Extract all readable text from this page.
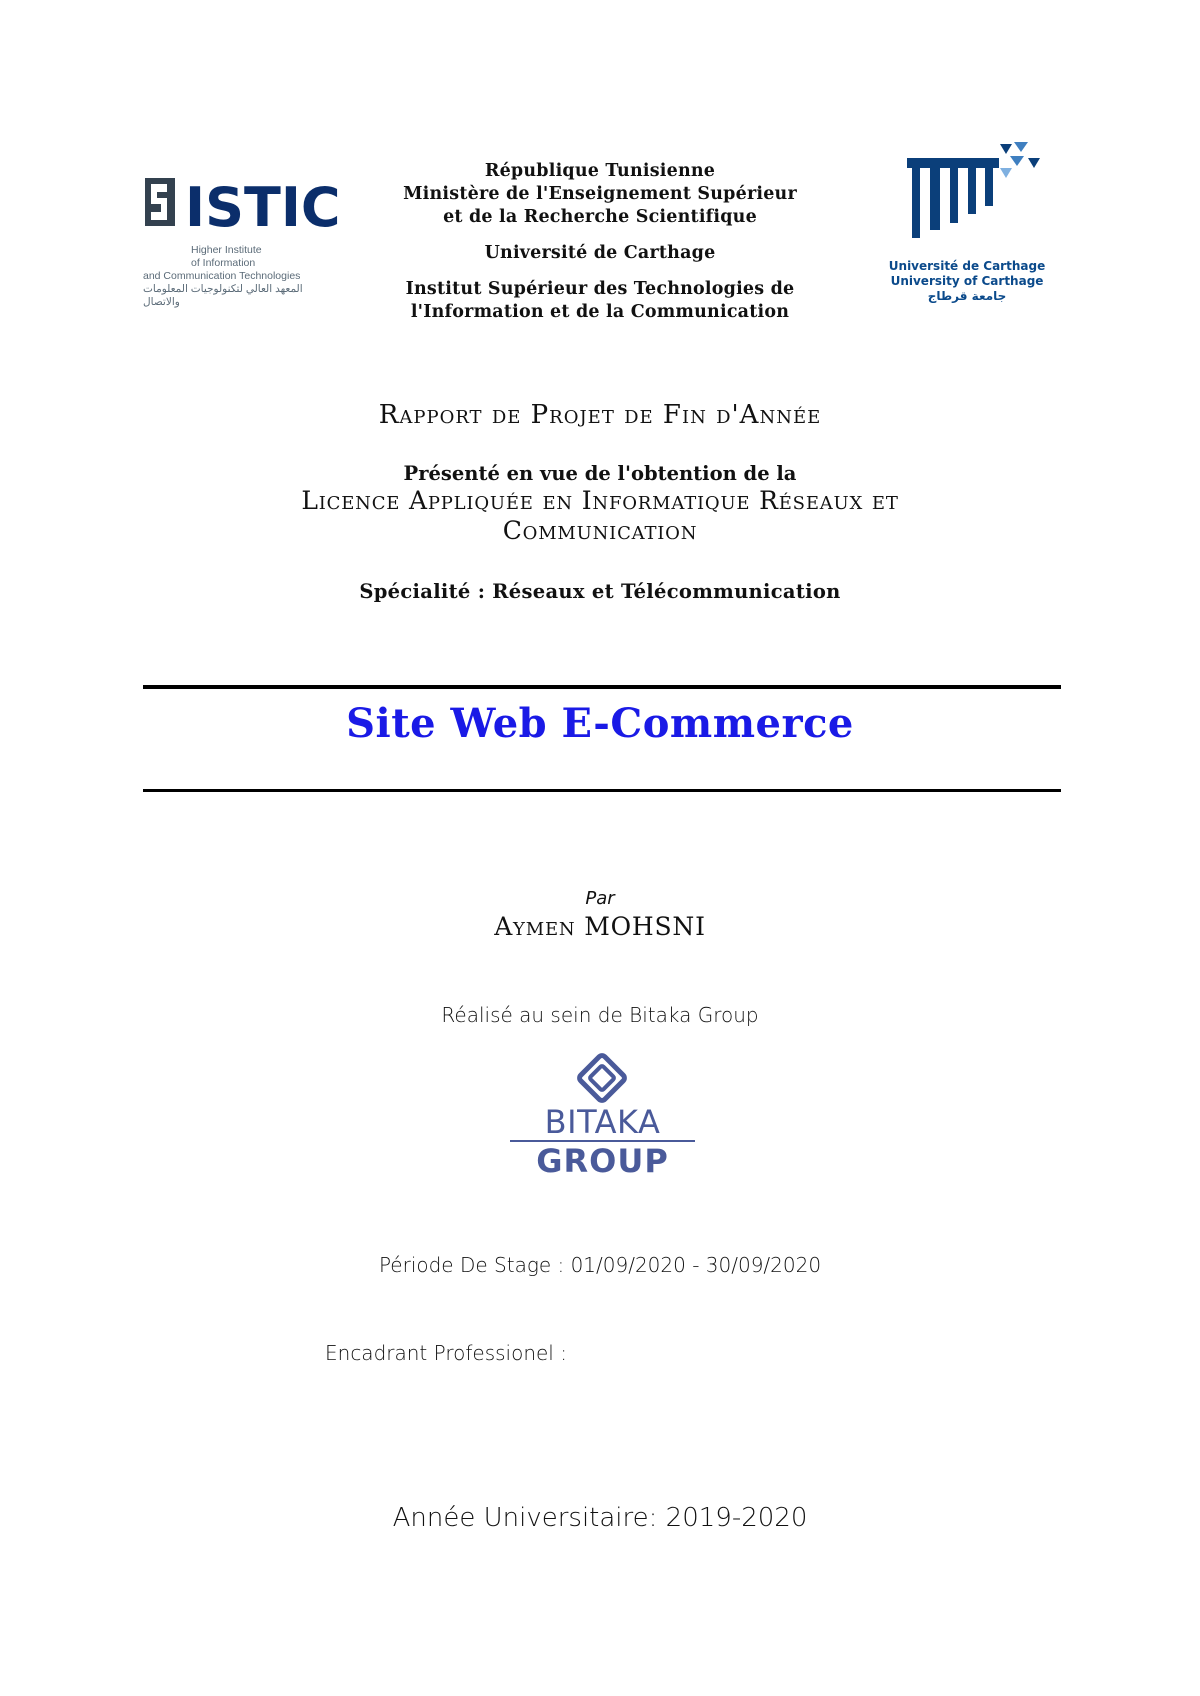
ISTIC
Higher Institute
of Information
and Communication Technologies
المعهد العالي لتكنولوجيات المعلومات والاتصال
République Tunisienne
Ministère de l'Enseignement Supérieur
et de la Recherche Scientifique
Université de Carthage
Institut Supérieur des Technologies de
l'Information et de la Communication
Université de Carthage
University of Carthage
جامعة قرطاج
Rapport de Projet de Fin d'Année
Présenté en vue de l'obtention de la
Licence Appliquée en Informatique Réseaux et Communication
Spécialité : Réseaux et Télécommunication
Site Web E-Commerce
Par
Aymen MOHSNI
Réalisé au sein de Bitaka Group
BITAKA
GROUP
Période De Stage : 01/09/2020 - 30/09/2020
Encadrant Professionel :
Année Universitaire: 2019-2020
